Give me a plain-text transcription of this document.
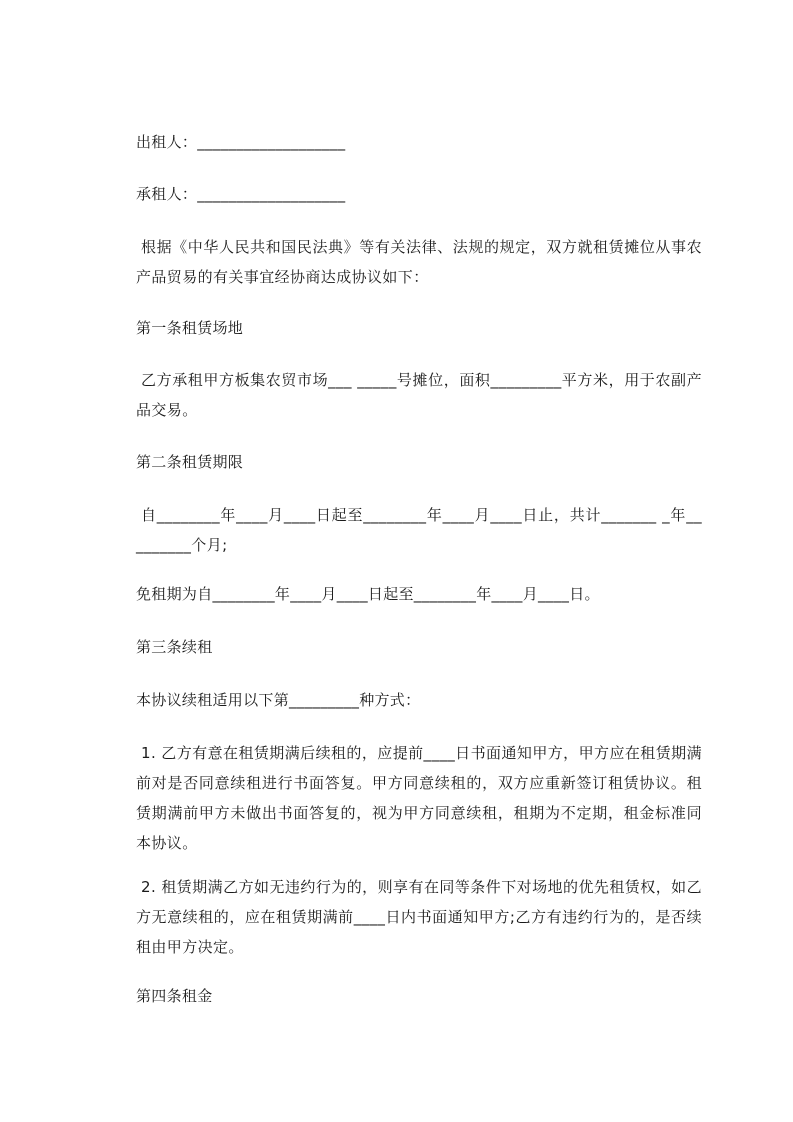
出租人：___________________
承租人：___________________
根据《中华人民共和国民法典》等有关法律、法规的规定，双方就租赁摊位从事农产品贸易的有关事宜经协商达成协议如下：
第一条租赁场地
乙方承租甲方板集农贸市场___ _____号摊位，面积_________平方米，用于农副产品交易。
第二条租赁期限
自________年____月____日起至________年____月____日止，共计_______ _年__ _______个月;
免租期为自________年____月____日起至________年____月____日。
第三条续租
本协议续租适用以下第_________种方式：
1. 乙方有意在租赁期满后续租的，应提前____日书面通知甲方，甲方应在租赁期满前对是否同意续租进行书面答复。甲方同意续租的，双方应重新签订租赁协议。租赁期满前甲方未做出书面答复的，视为甲方同意续租，租期为不定期，租金标准同本协议。
2. 租赁期满乙方如无违约行为的，则享有在同等条件下对场地的优先租赁权，如乙方无意续租的，应在租赁期满前____日内书面通知甲方;乙方有违约行为的，是否续租由甲方决定。
第四条租金
